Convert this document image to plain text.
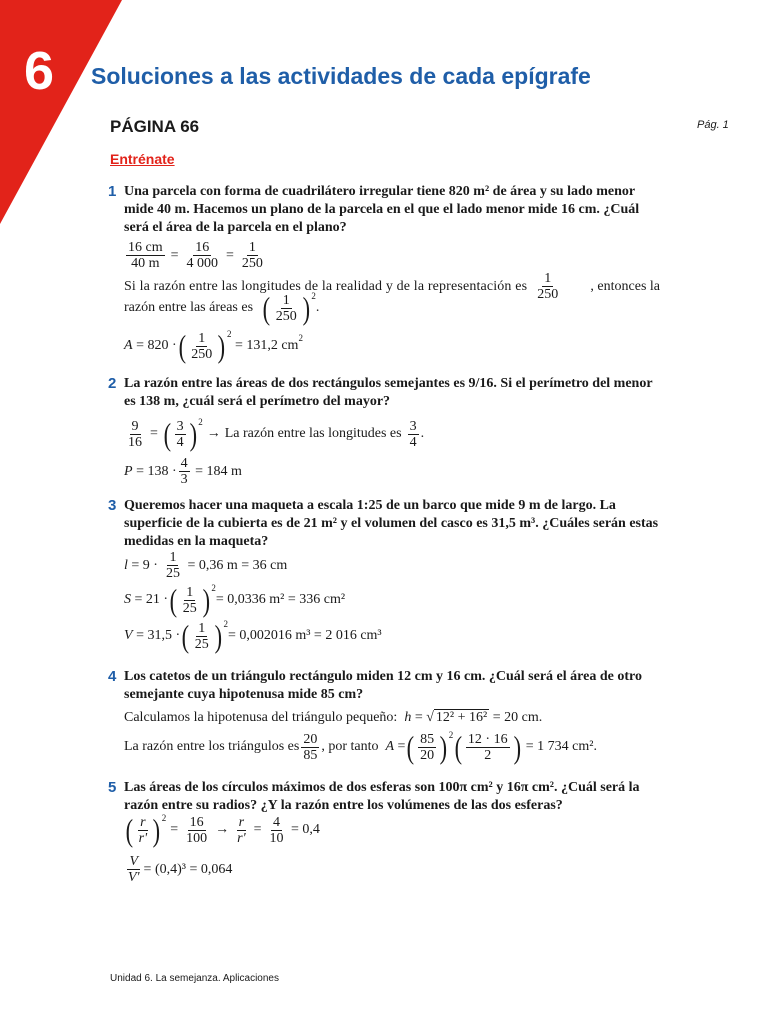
6	Soluciones a las actividades de cada epígrafe
PÁGINA 66	Pág. 1
Entrénate
1 Una parcela con forma de cuadrilátero irregular tiene 820 m² de área y su lado menor mide 40 m. Hacemos un plano de la parcela en el que el lado menor mide 16 cm. ¿Cuál será el área de la parcela en el plano?
$\frac{16 cm}{40 m} = \frac{16}{4 000} = \frac{1}{250}$
Si la razón entre las longitudes de la realidad y de la representación es $\frac{1}{250}$ , entonces la
razón entre las áreas es ( $\frac{1}{250}$ ) 2
.
A
= 820 · ( $\frac{1}{250}$ ) 2

= 131,2 cm 2
2 La razón entre las áreas de dos rectángulos semejantes es 9/16. Si el perímetro del menor es 138 m, ¿cuál será el perímetro del mayor?
$\frac{9}{16}$ = ( $\frac{3}{4}$ ) 2
→ La razón entre las longitudes es $\frac{3}{4}$ .
P
= $138 \cdot \frac{4}{3}$
= 184 m
3 Queremos hacer una maqueta a escala 1:25 de un barco que mide 9 m de largo. La superficie de la cubierta es de 21 m² y el volumen del casco es 31,5 m³. ¿Cuáles serán estas medidas en la maqueta?
l
= $9 \cdot \frac{1}{25}$
= 0,36 m = 36 cm
S
= 21 · ( $\frac{1}{25}$ ) 2
= 0,0336 m² = 336 cm²
V
= 31,5 · ( $\frac{1}{25}$ ) 2
= 0,002016 m³ = 2 016 cm³
4 Los catetos de un triángulo rectángulo miden 12 cm y 16 cm. ¿Cuál será el área de otro semejante cuya hipotenusa mide 85 cm?
Calculamos la hipotenusa del triángulo pequeño:
h = √ 12² + 16²
= 20 cm.
La razón entre los triángulos es $\frac{20}{85}$ , por tanto
A = ( $\frac{85}{20}$ ) 2 ( $\frac{12 \cdot 16}{2}$ )
= 1 734 cm².
5 Las áreas de los círculos máximos de dos esferas son 100π cm² y 16π cm². ¿Cuál será la razón entre su radios? ¿Y la razón entre los volúmenes de las dos esferas?
( $\frac{r}{r'}$ ) 2
= $\frac{16}{100} \to \frac{r}{r'} = \frac{4}{10}$
= 0,4
$\frac{V}{V'} = (0,4)^3 = 0,064$
Unidad 6. La semejanza. Aplicaciones
